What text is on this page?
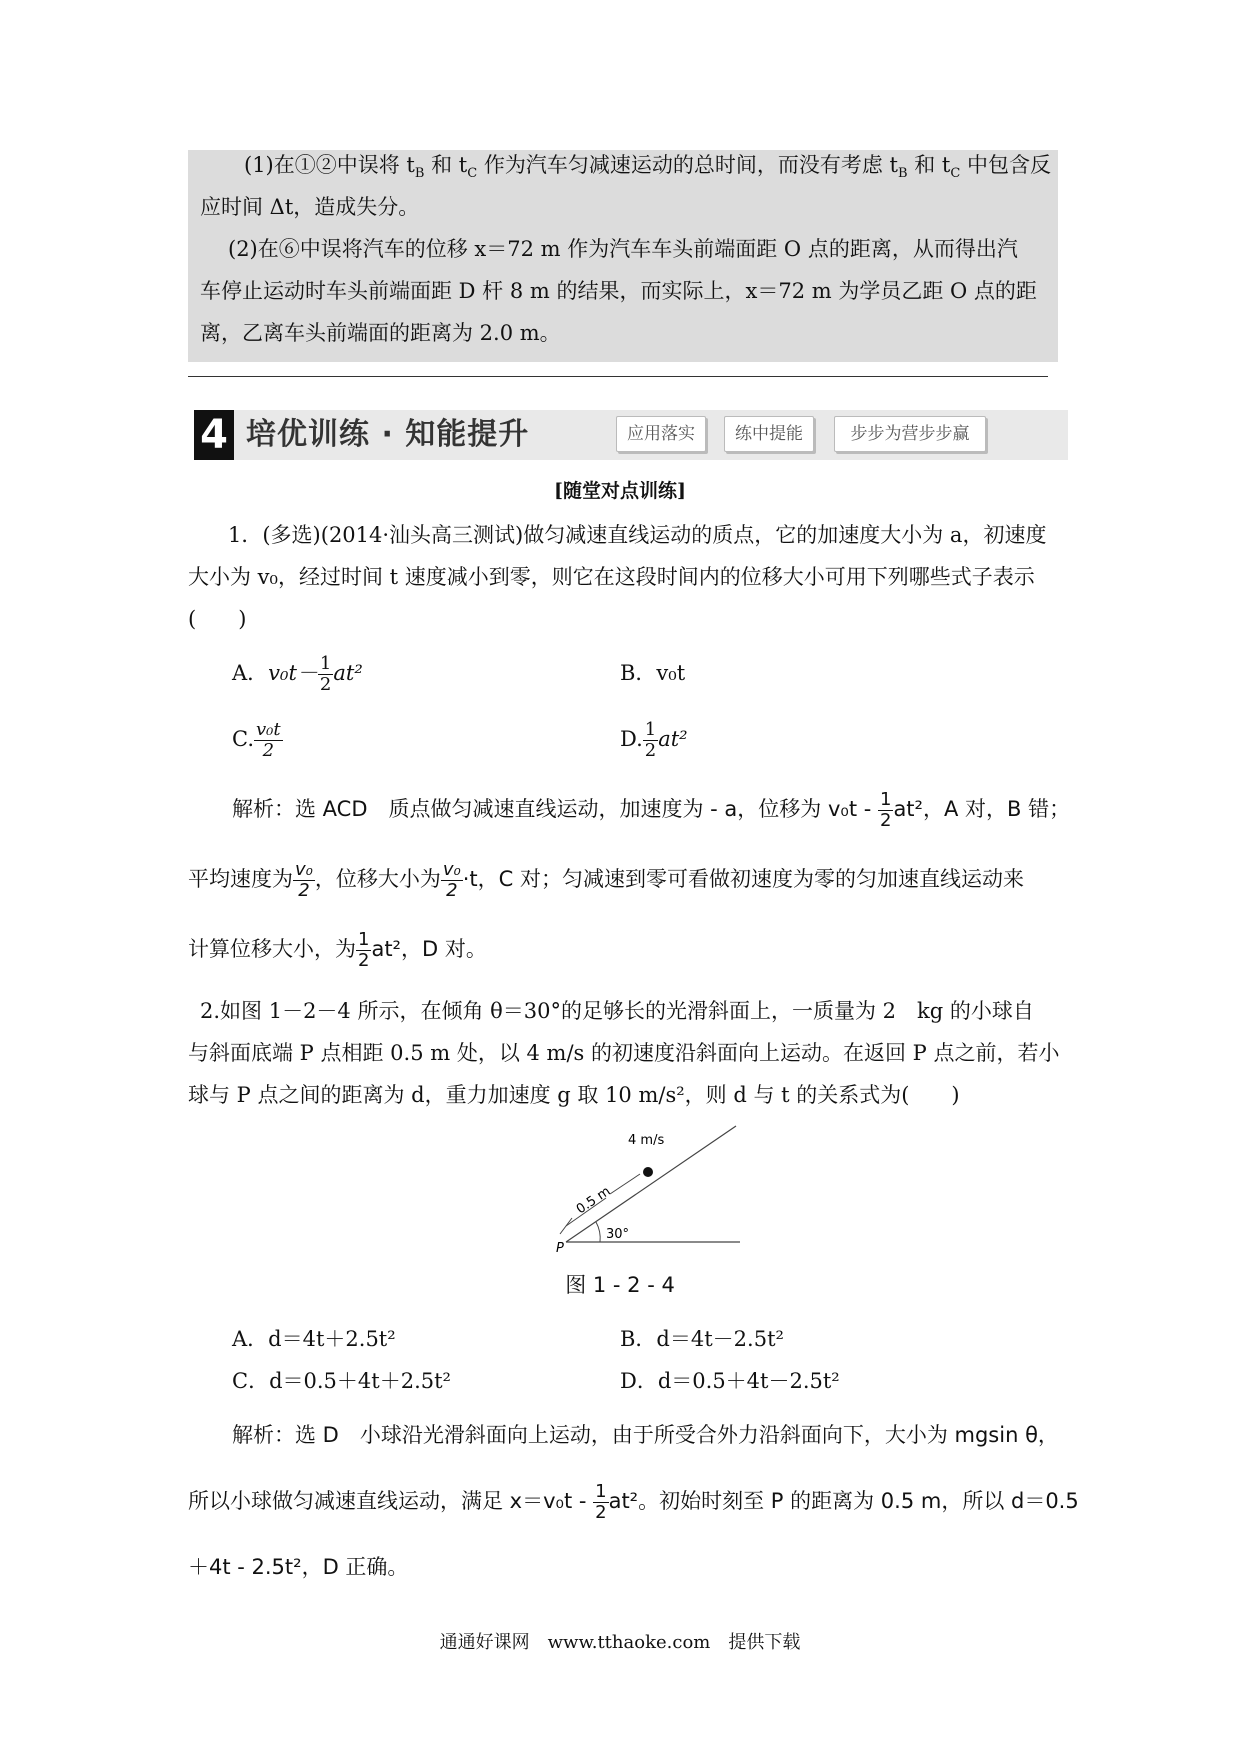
(1)在①②中误将 $t_B$ 和 $t_C$ 作为汽车匀减速运动的总时间，而没有考虑 $t_B$ 和 $t_C$ 中包含反
应时间 Δt，造成失分。
(2)在⑥中误将汽车的位移 x＝72 m 作为汽车车头前端面距 O 点的距离，从而得出汽
车停止运动时车头前端面距 D 杆 8 m 的结果，而实际上，x＝72 m 为学员乙距 O 点的距
离，乙离车头前端面的距离为 2.0 m。
4 培优训练 · 知能提升	应用落实	练中提能	步步为营步步赢
[随堂对点训练]
1．(多选)(2014·汕头高三测试)做匀减速直线运动的质点，它的加速度大小为 a，初速度
大小为 v₀，经过时间 t 速度减小到零，则它在这段时间内的位移大小可用下列哪些式子表示
(　　)
A．$v_0t- \frac{1}{2} at^2$	B．v₀t
C. $\frac{\text{v₀t}}{2}$	D. $\frac{1}{2} at^2$
解析：选 ACD　质点做匀减速直线运动，加速度为 - a，位移为 $v_0t - \frac{1}{2} at^2$，A 对，B 错；
平均速度为 $\frac{\text{v₀}}{2}$ ，位移大小为 $\frac{\text{v₀}}{2} \cdot t$，C 对；匀减速到零可看做初速度为零的匀加速直线运动来
计算位移大小，为 $\frac{1}{2} at^2$，D 对。
2.如图 1－2－4 所示，在倾角 θ＝30°的足够长的光滑斜面上，一质量为 2　kg 的小球自
与斜面底端 P 点相距 0.5 m 处，以 4 m/s 的初速度沿斜面向上运动。在返回 P 点之前，若小
球与 P 点之间的距离为 d，重力加速度 g 取 10 m/s²，则 d 与 t 的关系式为(　　)
4 m/s
0.5 m
30°
P
图 1 - 2 - 4
A．d＝4t＋2.5t²	B．d＝4t－2.5t²
C．d＝0.5＋4t＋2.5t²	D．d＝0.5＋4t－2.5t²
解析：选 D　小球沿光滑斜面向上运动，由于所受合外力沿斜面向下，大小为 mgsin θ，
所以小球做匀减速直线运动，满足 $x=v_0t - \frac{1}{2} at^2$。初始时刻至 P 的距离为 0.5 m，所以 d＝0.5
＋4t - 2.5t²，D 正确。
通通好课网　www.tthaoke.com　提供下载
